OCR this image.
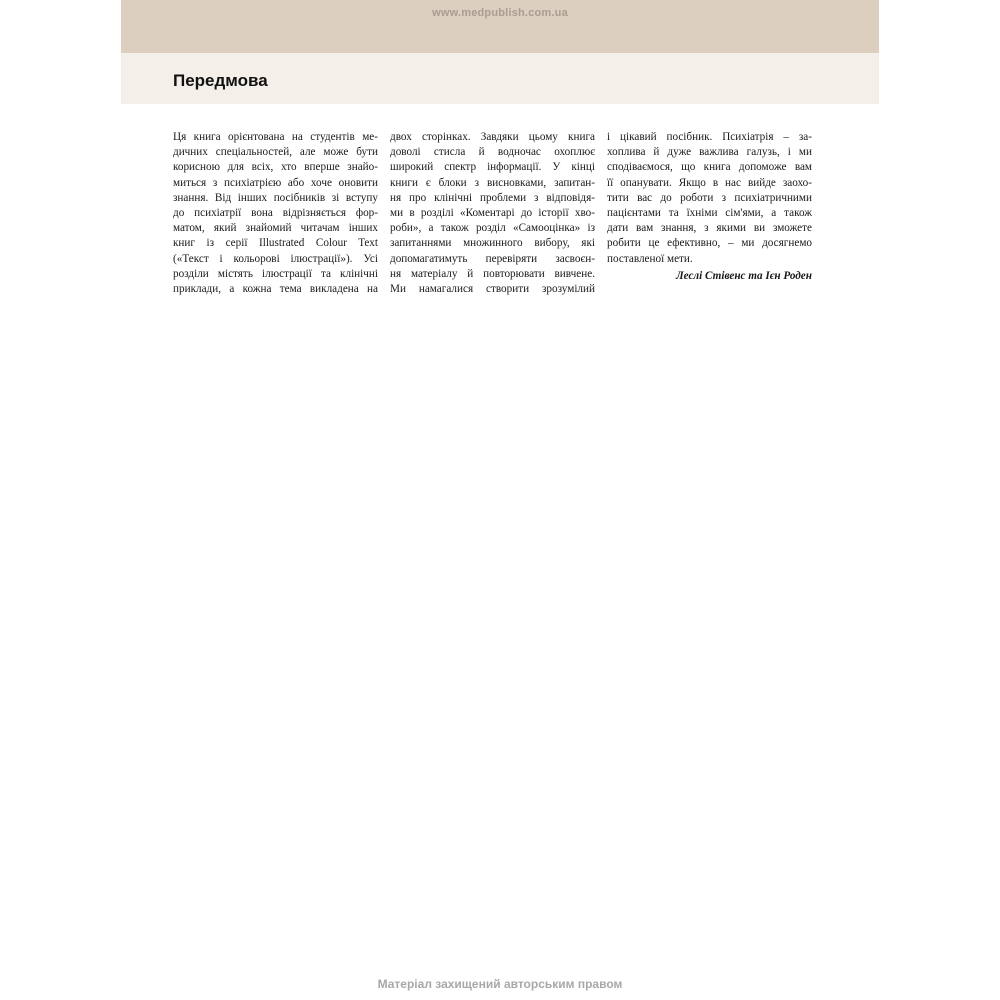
www.medpublish.com.ua
Передмова
Ця книга орієнтована на студентів ме-
дичних спеціальностей, але може бути
корисною для всіх, хто вперше знайо-
миться з психіатрією або хоче оновити
знання. Від інших посібників зі вступу
до психіатрії вона відрізняється фор-
матом, який знайомий читачам інших
книг із серії Illustrated Colour Text
(«Текст і кольорові ілюстрації»). Усі
розділи містять ілюстрації та клінічні
приклади, а кожна тема викладена на
двох сторінках. Завдяки цьому книга
доволі стисла й водночас охоплює
широкий спектр інформації. У кінці
книги є блоки з висновками, запитан-
ня про клінічні проблеми з відповідя-
ми в розділі «Коментарі до історії хво-
роби», а також розділ «Самооцінка» із
запитаннями множинного вибору, які
допомагатимуть перевіряти засвоєн-
ня матеріалу й повторювати вивчене.
Ми намагалися створити зрозумілий
і цікавий посібник. Психіатрія – за-
хоплива й дуже важлива галузь, і ми
сподіваємося, що книга допоможе вам
її опанувати. Якщо в нас вийде заохо-
тити вас до роботи з психіатричними
пацієнтами та їхніми сім'ями, а також
дати вам знання, з якими ви зможете
робити це ефективно, – ми досягнемо
поставленої мети.
Леслі Стівенс та Ієн Роден
Матеріал захищений авторським правом
